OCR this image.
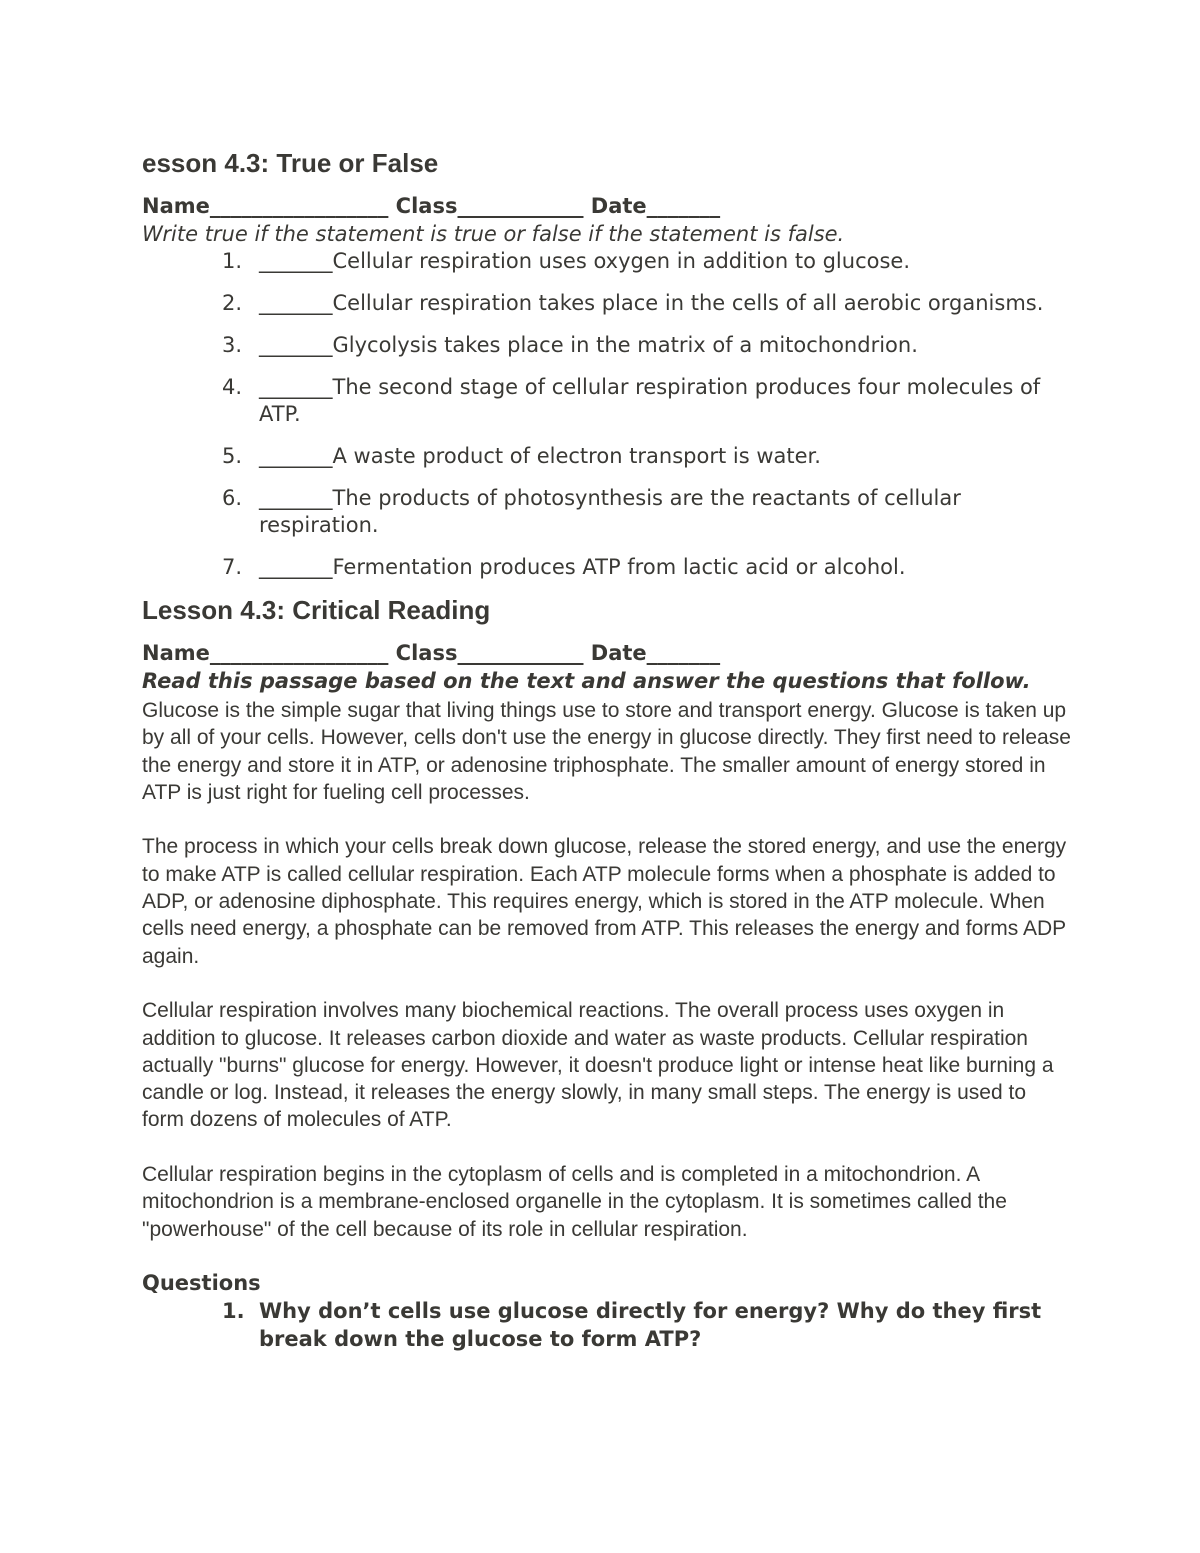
esson 4.3: True or False
Name_________________ Class____________ Date_______
Write true if the statement is true or false if the statement is false.
1. _______Cellular respiration uses oxygen in addition to glucose.
2. _______Cellular respiration takes place in the cells of all aerobic organisms.
3. _______Glycolysis takes place in the matrix of a mitochondrion.
4. _______The second stage of cellular respiration produces four molecules of ATP.
5. _______A waste product of electron transport is water.
6. _______The products of photosynthesis are the reactants of cellular respiration.
7. _______Fermentation produces ATP from lactic acid or alcohol.
Lesson 4.3: Critical Reading
Name_________________ Class____________ Date_______
Read this passage based on the text and answer the questions that follow.

Glucose is the simple sugar that living things use to store and transport energy. Glucose is taken up by all of your cells. However, cells don't use the energy in glucose directly. They first need to release the energy and store it in ATP, or adenosine triphosphate. The smaller amount of energy stored in ATP is just right for fueling cell processes.

The process in which your cells break down glucose, release the stored energy, and use the energy to make ATP is called cellular respiration. Each ATP molecule forms when a phosphate is added to ADP, or adenosine diphosphate. This requires energy, which is stored in the ATP molecule. When cells need energy, a phosphate can be removed from ATP. This releases the energy and forms ADP again.

Cellular respiration involves many biochemical reactions. The overall process uses oxygen in addition to glucose. It releases carbon dioxide and water as waste products. Cellular respiration actually "burns" glucose for energy. However, it doesn't produce light or intense heat like burning a candle or log. Instead, it releases the energy slowly, in many small steps. The energy is used to form dozens of molecules of ATP.

Cellular respiration begins in the cytoplasm of cells and is completed in a mitochondrion. A mitochondrion is a membrane-enclosed organelle in the cytoplasm. It is sometimes called the "powerhouse" of the cell because of its role in cellular respiration.

Questions
1. Why don’t cells use glucose directly for energy? Why do they first break down the glucose to form ATP?
